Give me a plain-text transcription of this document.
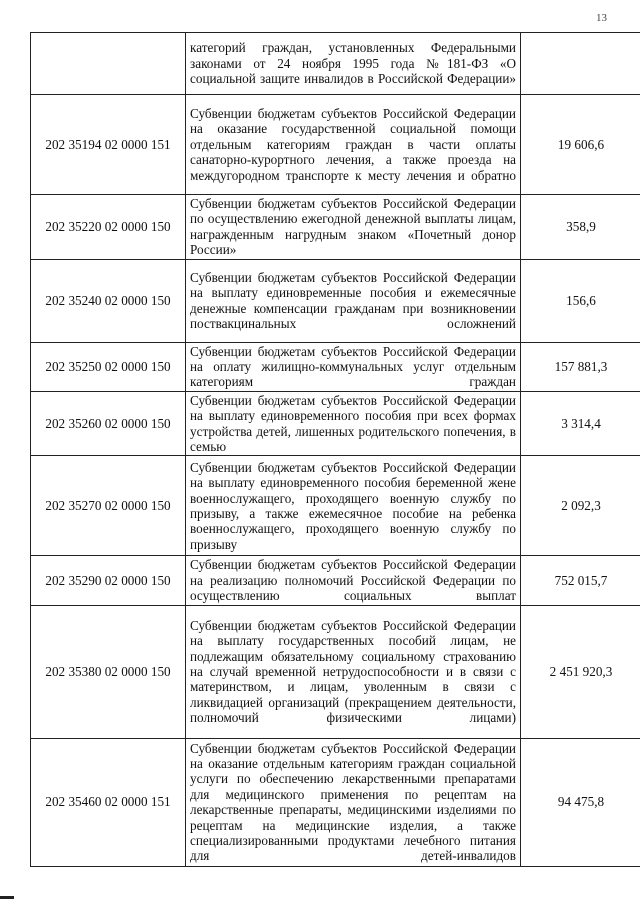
13
	категорий граждан, установленных Федеральными законами от 24 ноября 1995 года №181-ФЗ «О социальной защите инвалидов в Российской Федерации»	
202 35194 02 0000 151	Субвенции бюджетам субъектов Российской Федерации на оказание государственной социальной помощи отдельным категориям граждан в части оплаты санаторно-курортного лечения, а также проезда на междугородном транспорте к месту лечения и обратно	19 606,6
202 35220 02 0000 150	Субвенции бюджетам субъектов Российской Федерации по осуществлению ежегодной денежной выплаты лицам, награжденным нагрудным знаком «Почетный донор России»	358,9
202 35240 02 0000 150	Субвенции бюджетам субъектов Российской Федерации на выплату единовременные пособия и ежемесячные денежные компенсации гражданам при возникновении поствакцинальных осложнений	156,6
202 35250 02 0000 150	Субвенции бюджетам субъектов Российской Федерации на оплату жилищно-коммунальных услуг отдельным категориям граждан	157 881,3
202 35260 02 0000 150	Субвенции бюджетам субъектов Российской Федерации на выплату единовременного пособия при всех формах устройства детей, лишенных родительского попечения, в семью	3 314,4
202 35270 02 0000 150	Субвенции бюджетам субъектов Российской Федерации на выплату единовременного пособия беременной жене военнослужащего, проходящего военную службу по призыву, а также ежемесячное пособие на ребенка военнослужащего, проходящего военную службу по призыву	2 092,3
202 35290 02 0000 150	Субвенции бюджетам субъектов Российской Федерации на реализацию полномочий Российской Федерации по осуществлению социальных выплат	752 015,7
202 35380 02 0000 150	Субвенции бюджетам субъектов Российской Федерации на выплату государственных пособий лицам, не подлежащим обязательному социальному страхованию на случай временной нетрудоспособности и в связи с материнством, и лицам, уволенным в связи с ликвидацией организаций (прекращением деятельности, полномочий физическими лицами)	2 451 920,3
202 35460 02 0000 151	Субвенции бюджетам субъектов Российской Федерации на оказание отдельным категориям граждан социальной услуги по обеспечению лекарственными препаратами для медицинского применения по рецептам на лекарственные препараты, медицинскими изделиями по рецептам на медицинские изделия, а также специализированными продуктами лечебного питания для детей-инвалидов	94 475,8
